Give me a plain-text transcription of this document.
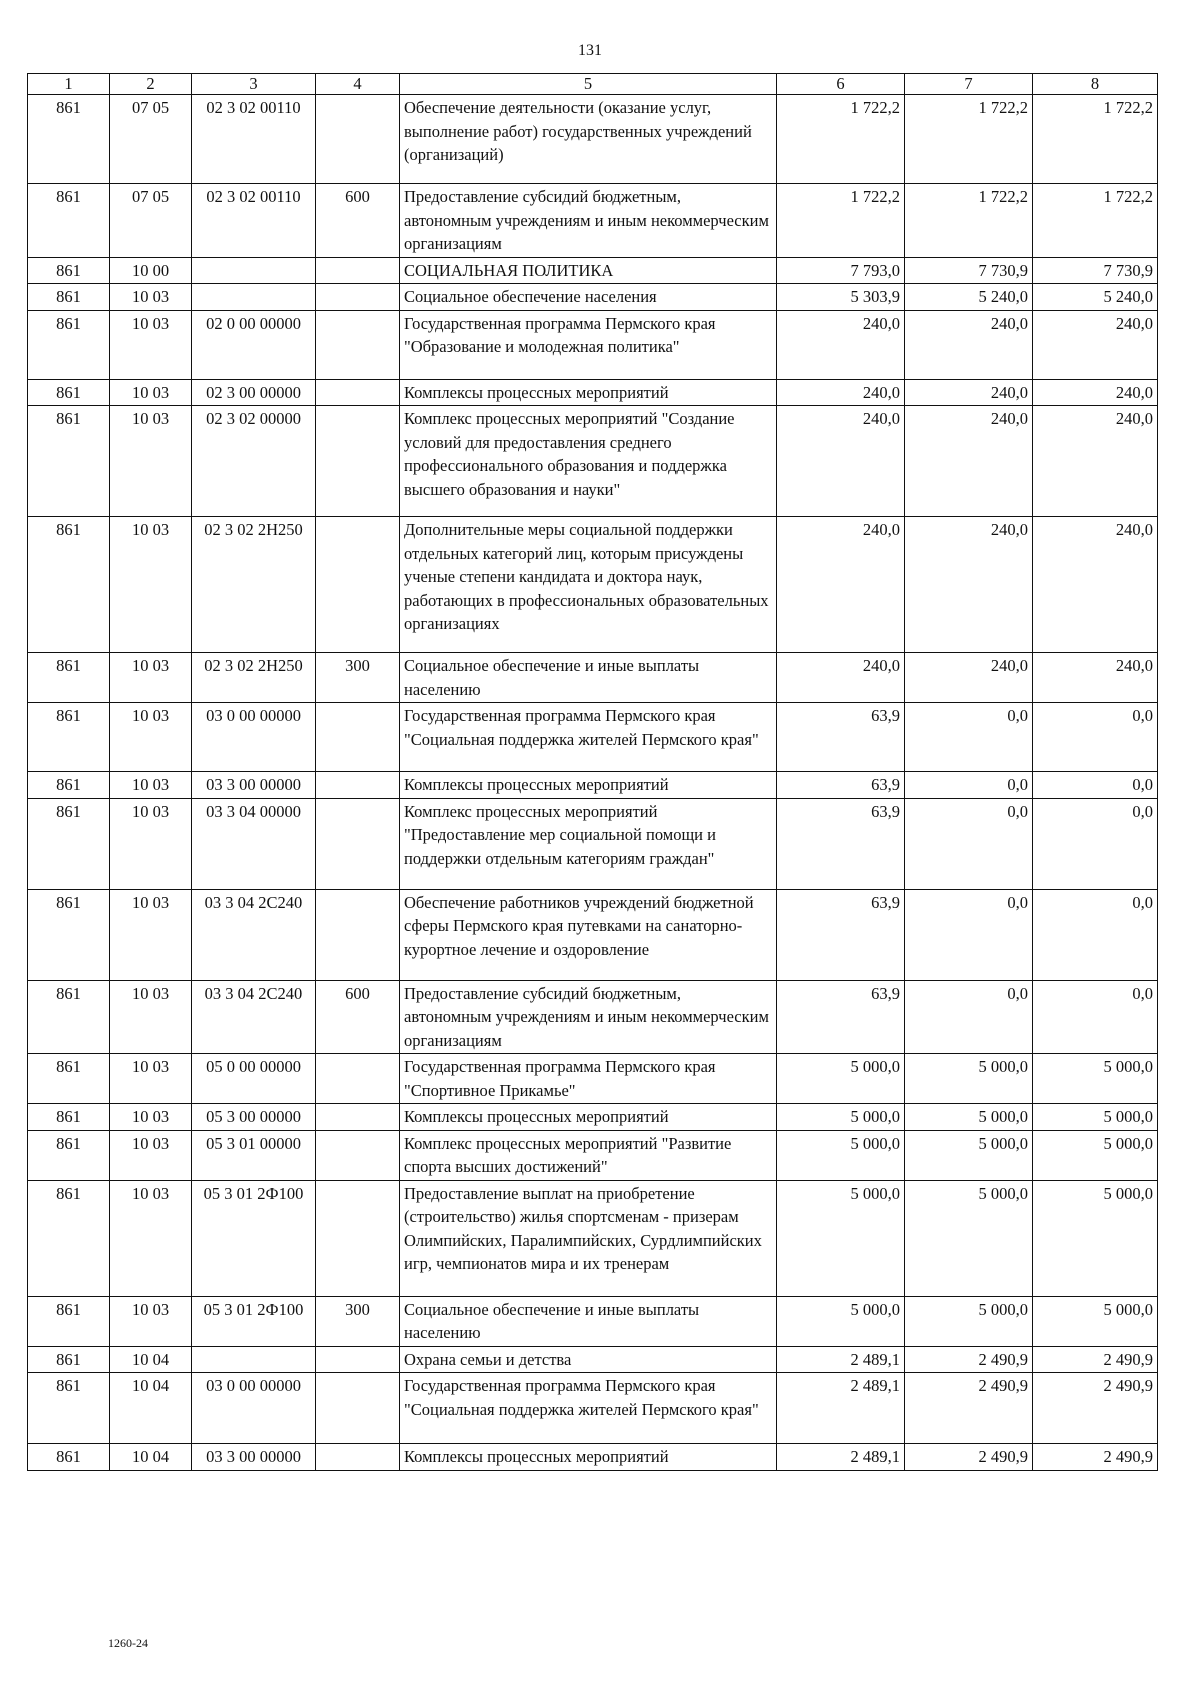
131
1	2	3	4	5	6	7	8
861	07 05	02 3 02 00110		Обеспечение деятельности (оказание услуг, выполнение работ) государственных учреждений (организаций)	1 722,2	1 722,2	1 722,2
861	07 05	02 3 02 00110	600	Предоставление субсидий бюджетным, автономным учреждениям и иным некоммерческим организациям	1 722,2	1 722,2	1 722,2
861	10 00			СОЦИАЛЬНАЯ ПОЛИТИКА	7 793,0	7 730,9	7 730,9
861	10 03			Социальное обеспечение населения	5 303,9	5 240,0	5 240,0
861	10 03	02 0 00 00000		Государственная программа Пермского края "Образование и молодежная политика"	240,0	240,0	240,0
861	10 03	02 3 00 00000		Комплексы процессных мероприятий	240,0	240,0	240,0
861	10 03	02 3 02 00000		Комплекс процессных мероприятий "Создание условий для предоставления среднего профессионального образования и поддержка высшего образования и науки"	240,0	240,0	240,0
861	10 03	02 3 02 2Н250		Дополнительные меры социальной поддержки отдельных категорий лиц, которым присуждены ученые степени кандидата и доктора наук, работающих в профессиональных образовательных организациях	240,0	240,0	240,0
861	10 03	02 3 02 2Н250	300	Социальное обеспечение и иные выплаты населению	240,0	240,0	240,0
861	10 03	03 0 00 00000		Государственная программа Пермского края "Социальная поддержка жителей Пермского края"	63,9	0,0	0,0
861	10 03	03 3 00 00000		Комплексы процессных мероприятий	63,9	0,0	0,0
861	10 03	03 3 04 00000		Комплекс процессных мероприятий "Предоставление мер социальной помощи и поддержки отдельным категориям граждан"	63,9	0,0	0,0
861	10 03	03 3 04 2С240		Обеспечение работников учреждений бюджетной сферы Пермского края путевками на санаторно-курортное лечение и оздоровление	63,9	0,0	0,0
861	10 03	03 3 04 2С240	600	Предоставление субсидий бюджетным, автономным учреждениям и иным некоммерческим организациям	63,9	0,0	0,0
861	10 03	05 0 00 00000		Государственная программа Пермского края "Спортивное Прикамье"	5 000,0	5 000,0	5 000,0
861	10 03	05 3 00 00000		Комплексы процессных мероприятий	5 000,0	5 000,0	5 000,0
861	10 03	05 3 01 00000		Комплекс процессных мероприятий "Развитие спорта высших достижений"	5 000,0	5 000,0	5 000,0
861	10 03	05 3 01 2Ф100		Предоставление выплат на приобретение (строительство) жилья спортсменам - призерам Олимпийских, Паралимпийских, Сурдлимпийских игр, чемпионатов мира и их тренерам	5 000,0	5 000,0	5 000,0
861	10 03	05 3 01 2Ф100	300	Социальное обеспечение и иные выплаты населению	5 000,0	5 000,0	5 000,0
861	10 04			Охрана семьи и детства	2 489,1	2 490,9	2 490,9
861	10 04	03 0 00 00000		Государственная программа Пермского края "Социальная поддержка жителей Пермского края"	2 489,1	2 490,9	2 490,9
861	10 04	03 3 00 00000		Комплексы процессных мероприятий	2 489,1	2 490,9	2 490,9
1260-24
